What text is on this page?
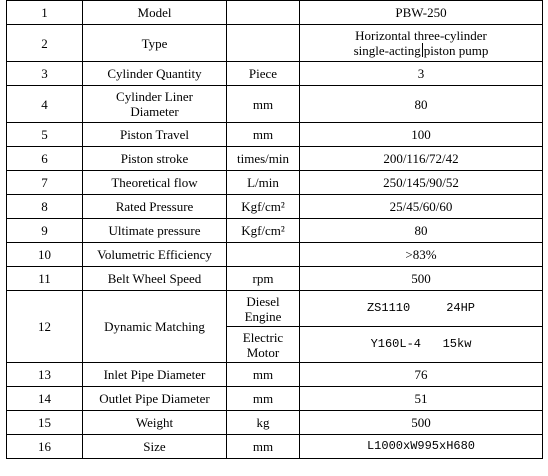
1	Model		PBW-250
2	Type		Horizontal three-cylinder
single-acting piston pump
3	Cylinder Quantity	Piece	3
4	Cylinder Liner
Diameter	mm	80
5	Piston Travel	mm	100
6	Piston stroke	times/min	200/116/72/42
7	Theoretical flow	L/min	250/145/90/52
8	Rated Pressure	Kgf/cm²	25/45/60/60
9	Ultimate pressure	Kgf/cm²	80
10	Volumetric Efficiency		>83%
11	Belt Wheel Speed	rpm	500
12	Dynamic Matching	Diesel
Engine	ZS1110     24HP
		Electric
Motor	Y160L-4   15kw
13	Inlet Pipe Diameter	mm	76
14	Outlet Pipe Diameter	mm	51
15	Weight	kg	500
16	Size	mm	L1000xW995xH680
